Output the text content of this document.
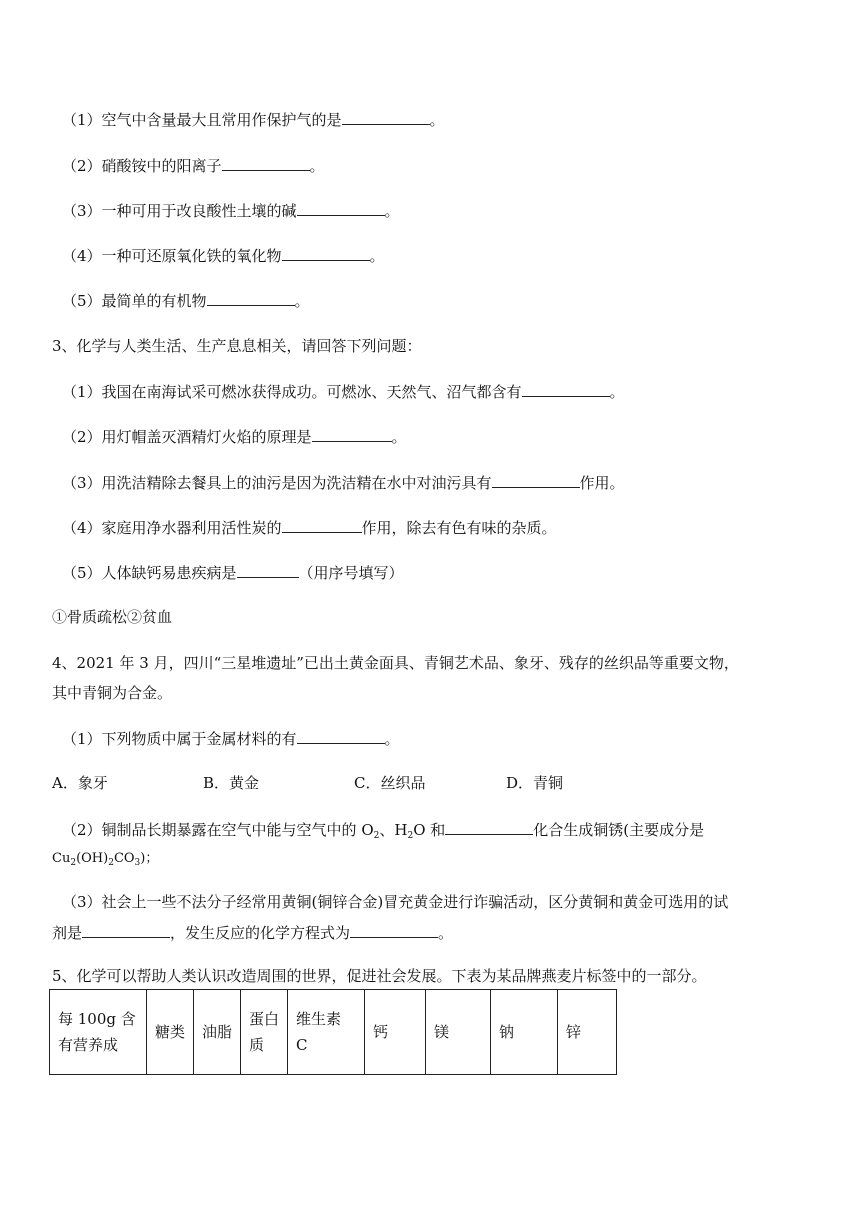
（1）空气中含量最大且常用作保护气的是	。
（2）硝酸铵中的阳离子	。
（3）一种可用于改良酸性土壤的碱	。
（4）一种可还原氧化铁的氧化物	。
（5）最简单的有机物	。
3、化学与人类生活、生产息息相关，请回答下列问题：
（1）我国在南海试采可燃冰获得成功。可燃冰、天然气、沼气都含有	。
（2）用灯帽盖灭酒精灯火焰的原理是	。
（3）用洗洁精除去餐具上的油污是因为洗洁精在水中对油污具有	作用。
（4）家庭用净水器利用活性炭的	作用，除去有色有味的杂质。
（5）人体缺钙易患疾病是	（用序号填写）
①骨质疏松②贫血
4、2021 年 3 月，四川“三星堆遗址”已出土黄金面具、青铜艺术品、象牙、残存的丝织品等重要文物，
其中青铜为合金。
（1）下列物质中属于金属材料的有	。
A．象牙	B．黄金	C．丝织品	D．青铜
（2）铜制品长期暴露在空气中能与空气中的 $O_2$、$H_2O$ 和	化合生成铜锈(主要成分是
$Cu_2(OH)_2CO_3$)；
（3）社会上一些不法分子经常用黄铜(铜锌合金)冒充黄金进行诈骗活动，区分黄铜和黄金可选用的试
剂是	，发生反应的化学方程式为	。
5、化学可以帮助人类认识改造周围的世界，促进社会发展。下表为某品牌燕麦片标签中的一部分。
每 100g 含有营养成	糖类	油脂	蛋白质	维生素 C	钙	镁	钠	锌
